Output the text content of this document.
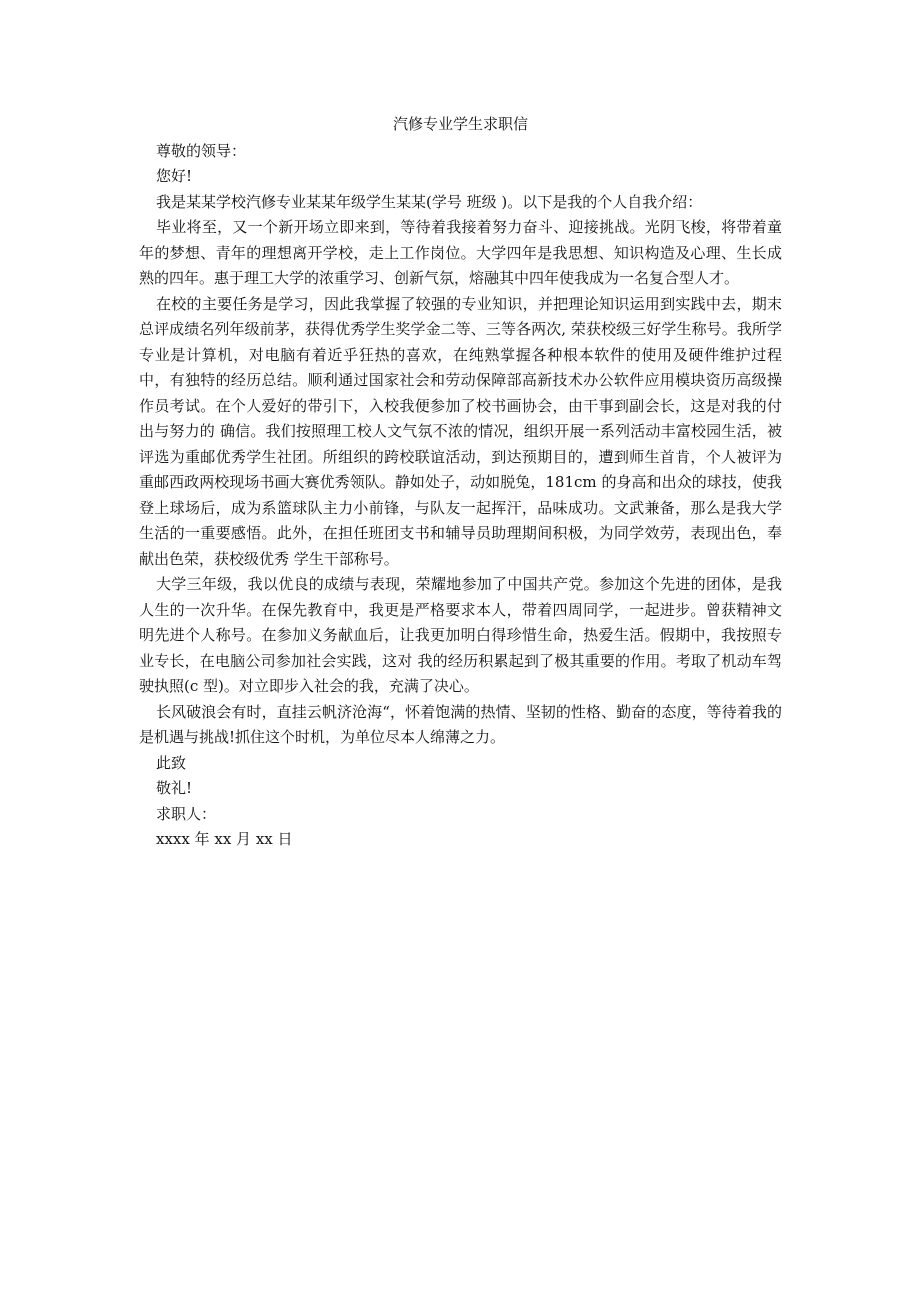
汽修专业学生求职信
尊敬的领导：
您好!
我是某某学校汽修专业某某年级学生某某(学号 班级 )。以下是我的个人自我介绍：
毕业将至，又一个新开场立即来到，等待着我接着努力奋斗、迎接挑战。光阴飞梭，将带着童年的梦想、青年的理想离开学校，走上工作岗位。大学四年是我思想、知识构造及心理、生长成熟的四年。惠于理工大学的浓重学习、创新气氛，熔融其中四年使我成为一名复合型人才。
在校的主要任务是学习，因此我掌握了较强的专业知识，并把理论知识运用到实践中去，期末总评成绩名列年级前茅，获得优秀学生奖学金二等、三等各两次, 荣获校级三好学生称号。我所学专业是计算机，对电脑有着近乎狂热的喜欢，在纯熟掌握各种根本软件的使用及硬件维护过程中，有独特的经历总结。顺利通过国家社会和劳动保障部高新技术办公软件应用模块资历高级操作员考试。在个人爱好的带引下，入校我便参加了校书画协会，由干事到副会长，这是对我的付出与努力的 确信。我们按照理工校人文气氛不浓的情况，组织开展一系列活动丰富校园生活，被评选为重邮优秀学生社团。所组织的跨校联谊活动，到达预期目的，遭到师生首肯，个人被评为重邮西政两校现场书画大赛优秀领队。静如处子，动如脱兔，181cm 的身高和出众的球技，使我登上球场后，成为系篮球队主力小前锋，与队友一起挥汗，品味成功。文武兼备，那么是我大学生活的一重要感悟。此外，在担任班团支书和辅导员助理期间积极，为同学效劳，表现出色，奉献出色荣，获校级优秀 学生干部称号。
大学三年级，我以优良的成绩与表现，荣耀地参加了中国共产党。参加这个先进的团体，是我人生的一次升华。在保先教育中，我更是严格要求本人，带着四周同学，一起进步。曾获精神文明先进个人称号。在参加义务献血后，让我更加明白得珍惜生命，热爱生活。假期中，我按照专业专长，在电脑公司参加社会实践，这对 我的经历积累起到了极其重要的作用。考取了机动车驾驶执照(c 型)。对立即步入社会的我，充满了决心。
长风破浪会有时，直挂云帆济沧海“，怀着饱满的热情、坚韧的性格、勤奋的态度，等待着我的是机遇与挑战!抓住这个时机，为单位尽本人绵薄之力。
此致
敬礼!
求职人：
xxxx 年 xx 月 xx 日
